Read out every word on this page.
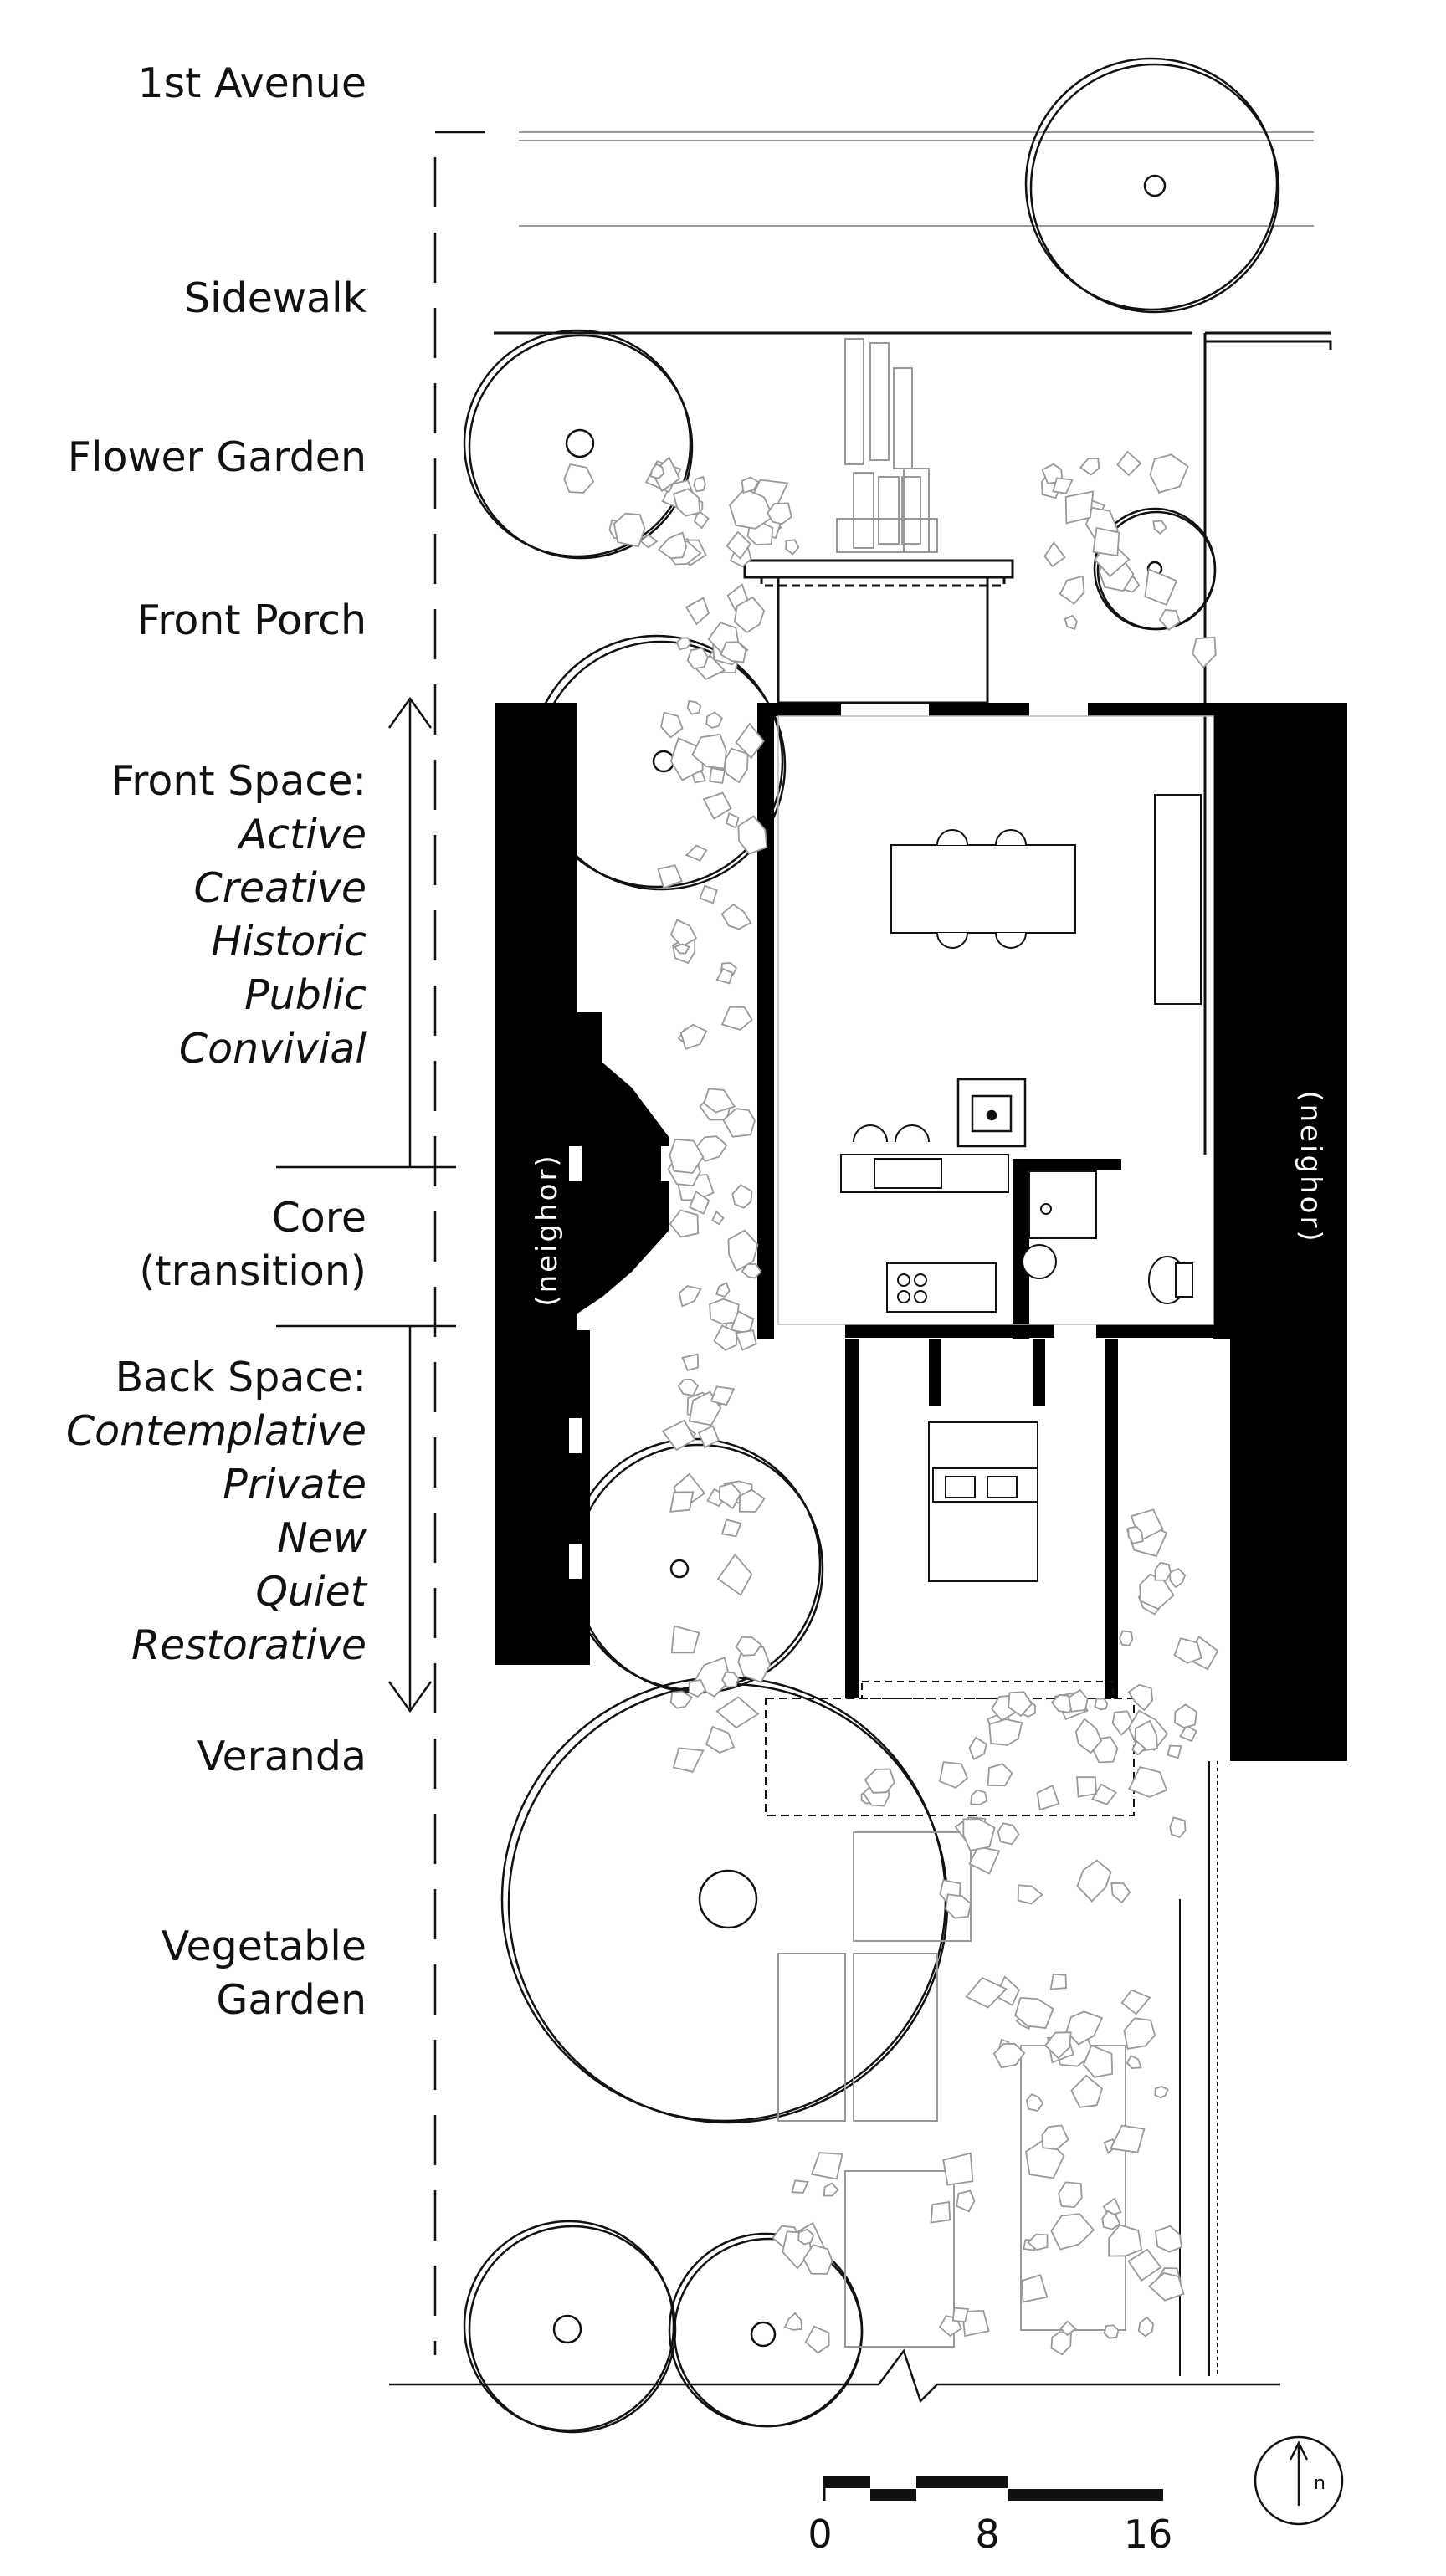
1st Avenue
Sidewalk
Flower Garden
Front Porch
Front Space:
Active
Creative
Historic
Public
Convivial
Core
(transition)
Back Space:
Contemplative
Private
New
Quiet
Restorative
Veranda
Vegetable
Garden
(neighor)	(neighor)
0	8	16
n
